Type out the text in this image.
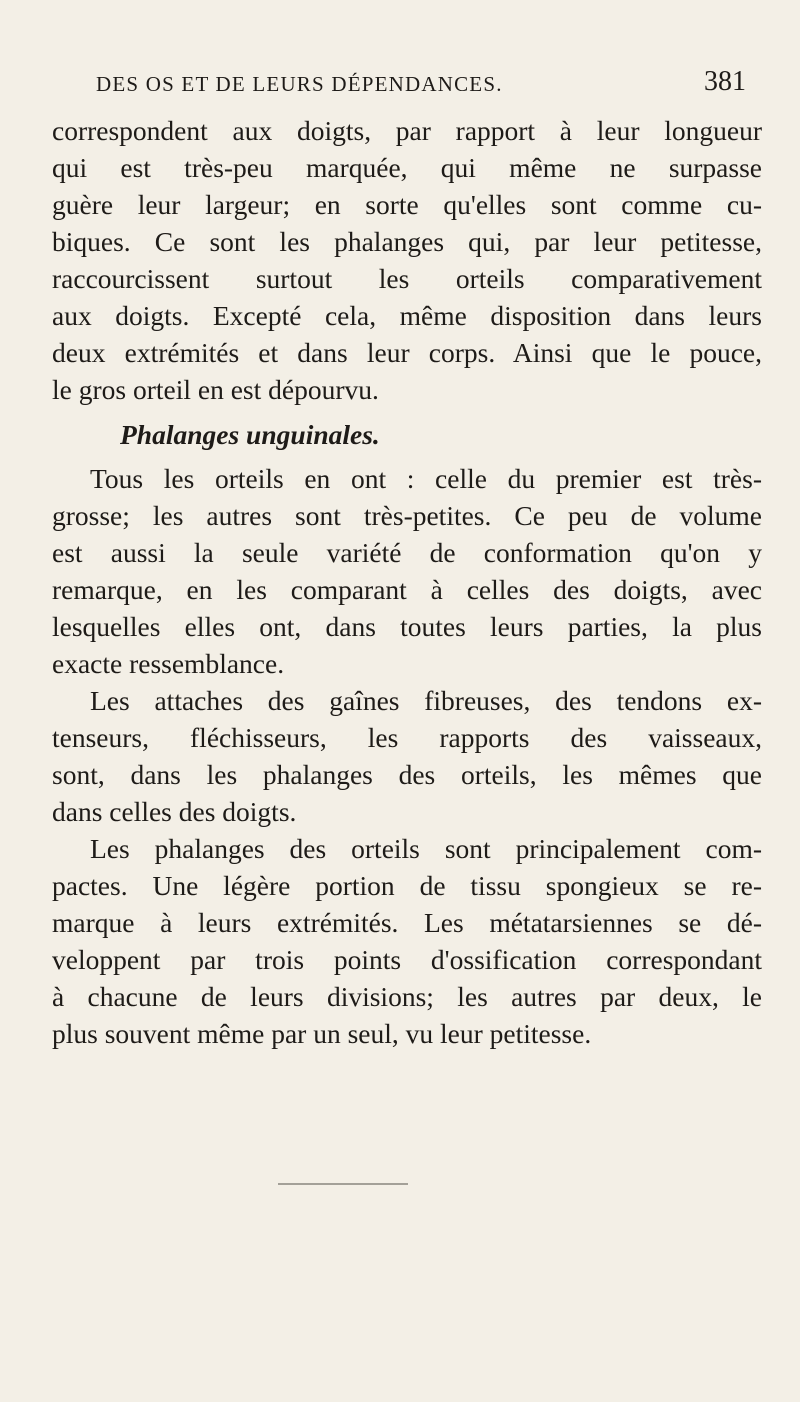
DES OS ET DE LEURS DÉPENDANCES.	381

correspondent aux doigts, par rapport à leur longueur
qui est très-peu marquée, qui même ne surpasse
guère leur largeur; en sorte qu'elles sont comme cu-
biques. Ce sont les phalanges qui, par leur petitesse,
raccourcissent surtout les orteils comparativement
aux doigts. Excepté cela, même disposition dans leurs
deux extrémités et dans leur corps. Ainsi que le pouce,
le gros orteil en est dépourvu.

Phalanges unguinales.

Tous les orteils en ont : celle du premier est très-
grosse; les autres sont très-petites. Ce peu de volume
est aussi la seule variété de conformation qu'on y
remarque, en les comparant à celles des doigts, avec
lesquelles elles ont, dans toutes leurs parties, la plus
exacte ressemblance.

Les attaches des gaînes fibreuses, des tendons ex-
tenseurs, fléchisseurs, les rapports des vaisseaux,
sont, dans les phalanges des orteils, les mêmes que
dans celles des doigts.

Les phalanges des orteils sont principalement com-
pactes. Une légère portion de tissu spongieux se re-
marque à leurs extrémités. Les métatarsiennes se dé-
veloppent par trois points d'ossification correspondant
à chacune de leurs divisions; les autres par deux, le
plus souvent même par un seul, vu leur petitesse.
